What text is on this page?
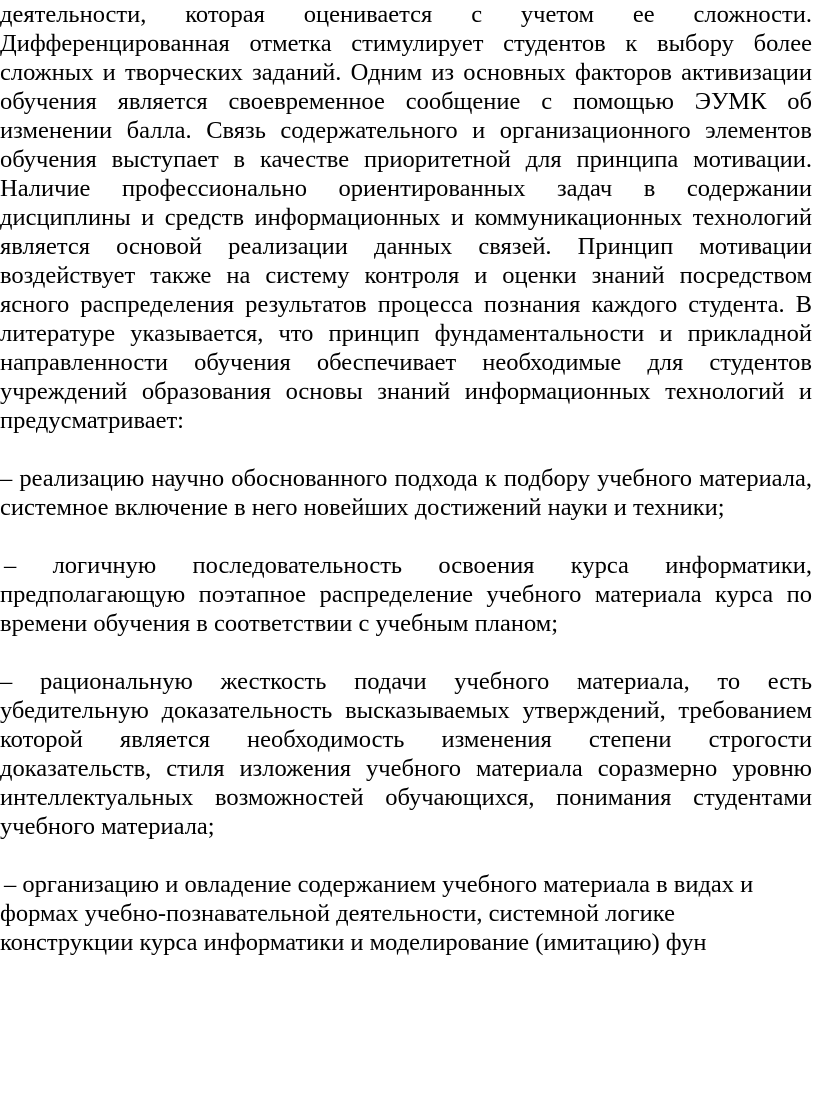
деятельности, которая оценивается с учетом ее сложности. Дифференцированная отметка стимулирует студентов к выбору более сложных и творческих заданий. Одним из основных факторов активизации обучения является своевременное сообщение с помощью ЭУМК об изменении балла. Связь содержательного и организационного элементов обучения выступает в качестве приоритетной для принципа мотивации. Наличие профессионально ориентированных задач в содержании дисциплины и средств информационных и коммуникационных технологий является основой реализации данных связей. Принцип мотивации воздействует также на систему контроля и оценки знаний посредством ясного распределения результатов процесса познания каждого студента. В литературе указывается, что принцип фундаментальности и прикладной направленности обучения обеспечивает необходимые для студентов учреждений образования основы знаний информационных технологий и предусматривает:

– реализацию научно обоснованного подхода к подбору учебного материала, системное включение в него новейших достижений науки и техники;

– логичную последовательность освоения курса информатики, предполагающую поэтапное распределение учебного материала курса по времени обучения в соответствии с учебным планом;

– рациональную жесткость подачи учебного материала, то есть убедительную доказательность высказываемых утверждений, требованием которой является необходимость изменения степени строгости доказательств, стиля изложения учебного материала соразмерно уровню интеллектуальных возможностей обучающихся, понимания студентами учебного материала;

– организацию и овладение содержанием учебного материала в видах и формах учебно-познавательной деятельности, системной логике конструкции курса информатики и моделирование (имитацию) фун
